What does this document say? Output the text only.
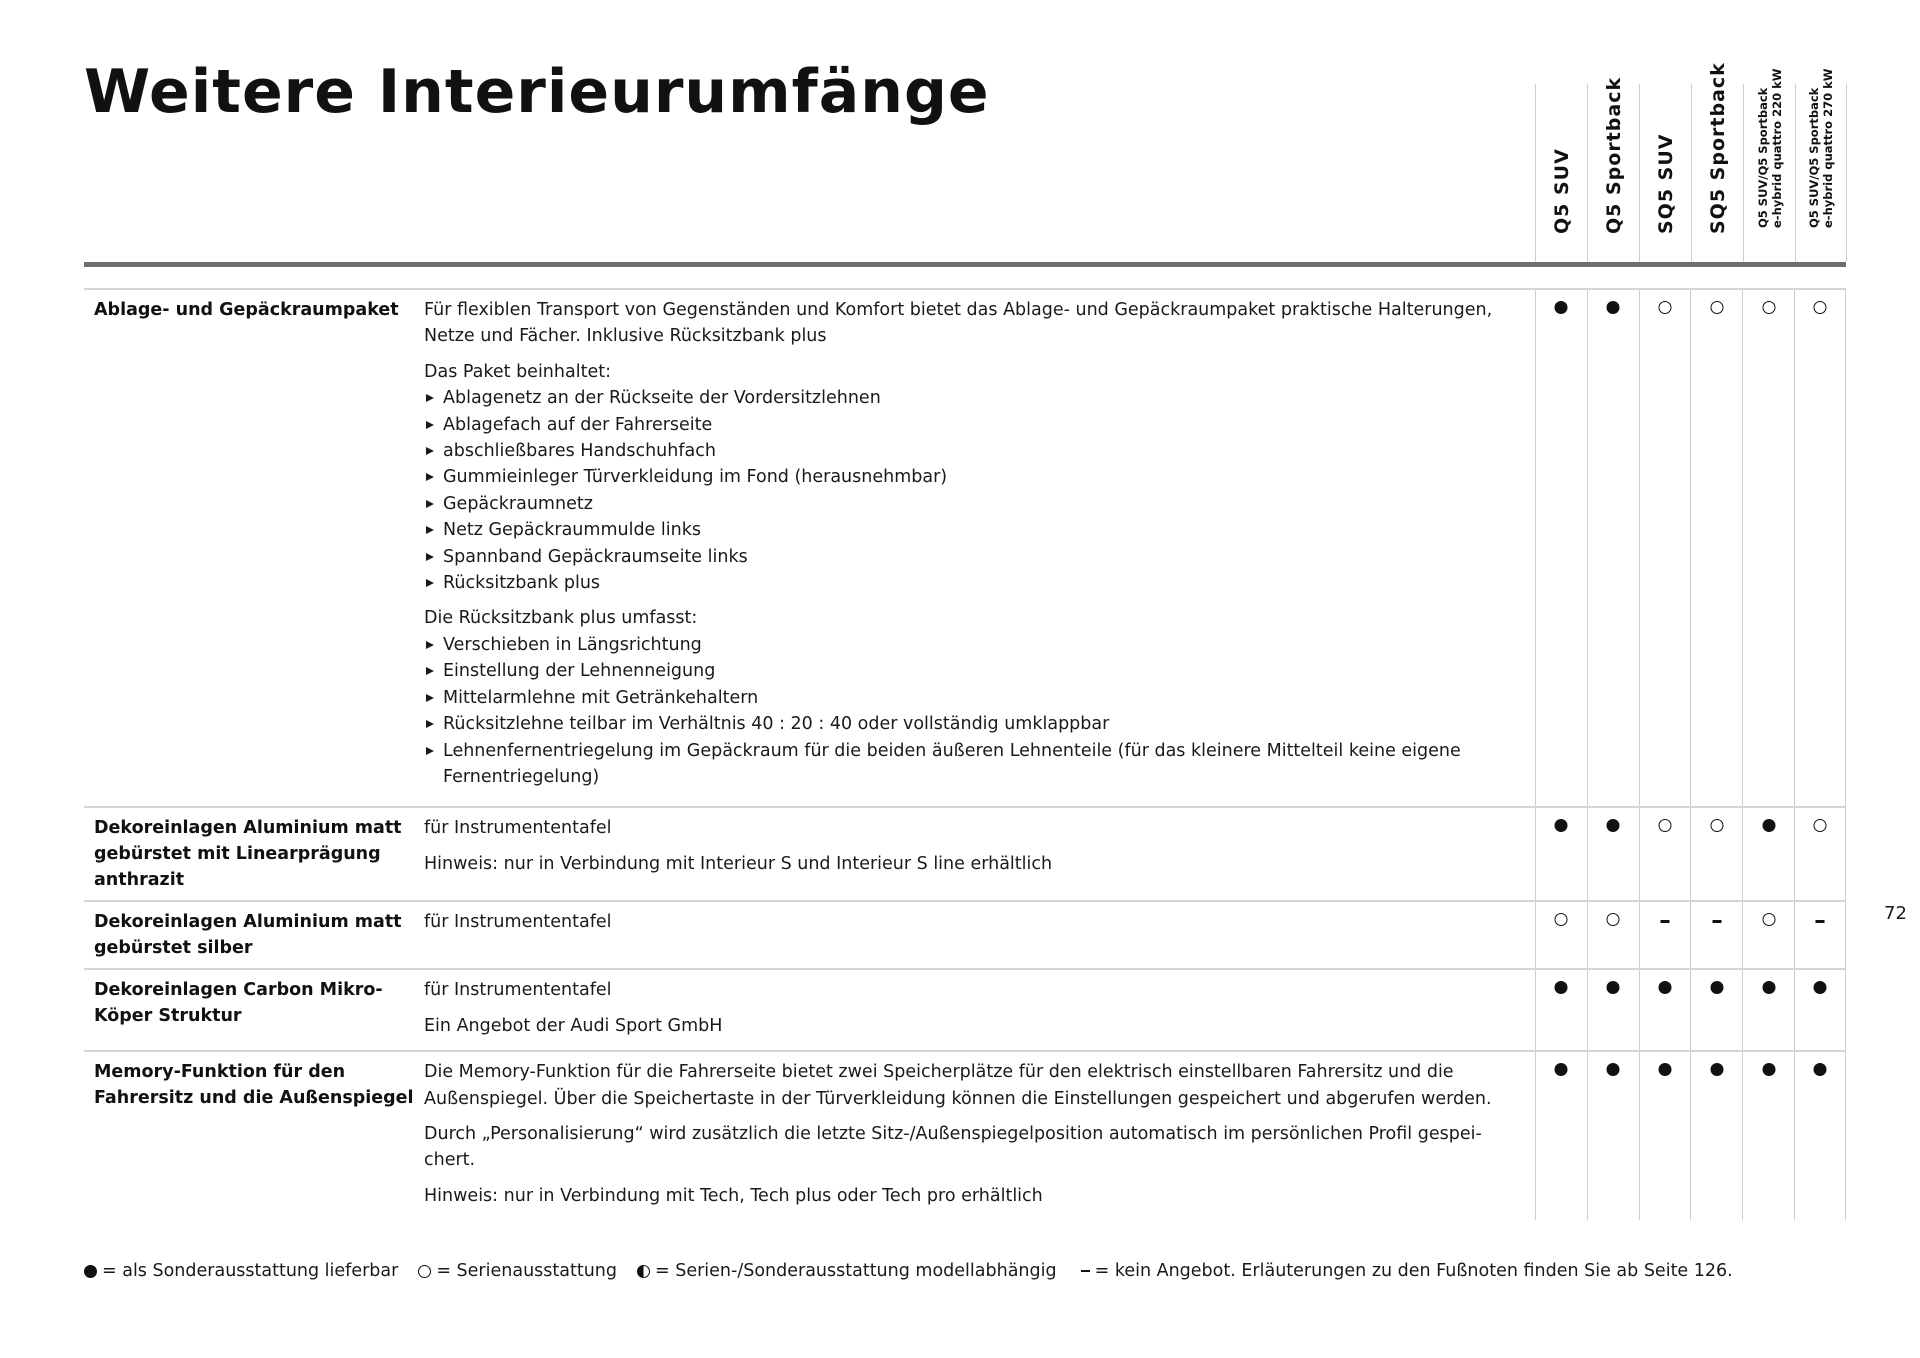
Weitere Interieurumfänge
Q5 SUV Q5 Sportback SQ5 SUV SQ5 Sportback Q5 SUV/Q5 Sportback
e-hybrid quattro 220 kW
Q5 SUV/Q5 Sportback
e-hybrid quattro 270 kW
Ablage- und Gepäckraumpaket	Für flexiblen Transport von Gegenständen und Komfort bietet das Ablage- und Gepäckraumpaket praktische Halterungen, Netze und Fächer. Inklusive Rücksitzbank plus

Das Paket beinhaltet:

Ablagenetz an der Rückseite der Vordersitzlehnen
Ablagefach auf der Fahrerseite
abschließbares Handschuhfach
Gummieinleger Türverkleidung im Fond (herausnehmbar)
Gepäckraumnetz
Netz Gepäckraummulde links
Spannband Gepäckraumseite links
Rücksitzbank plus

Die Rücksitzbank plus umfasst:

Verschieben in Längsrichtung
Einstellung der Lehnenneigung
Mittelarmlehne mit Getränkehaltern
Rücksitzlehne teilbar im Verhältnis 40 : 20 : 40 oder vollständig umklappbar
Lehnenfernentriegelung im Gepäckraum für die beiden äußeren Lehnenteile (für das kleinere Mittelteil keine eigene Fernentriegelung)
Dekoreinlagen Aluminium matt gebürstet mit Linearprägung anthrazit

für Instrumententafel

Hinweis: nur in Verbindung mit Interieur S und Interieur S line erhältlich

Dekoreinlagen Aluminium matt gebürstet silber

für Instrumententafel

Dekoreinlagen Carbon Mikro-Köper Struktur

für Instrumententafel

Ein Angebot der Audi Sport GmbH

Memory-Funktion für den Fahrersitz und die Außenspiegel

Die Memory-Funktion für die Fahrerseite bietet zwei Speicherplätze für den elektrisch einstellbaren Fahrersitz und die Außenspiegel. Über die Speichertaste in der Türverkleidung können die Einstellungen gespeichert und abgerufen werden.

Durch „Personalisierung“ wird zusätzlich die letzte Sitz-/Außenspiegelposition automatisch im persönlichen Profil gespei-chert.

Hinweis: nur in Verbindung mit Tech, Tech plus oder Tech pro erhältlich

72
= als Sonderausstattung lieferbar = Serienausstattung = Serien-/Sonderausstattung modellabhängig = kein Angebot. Erläuterungen zu den Fußnoten finden Sie ab Seite 126.
